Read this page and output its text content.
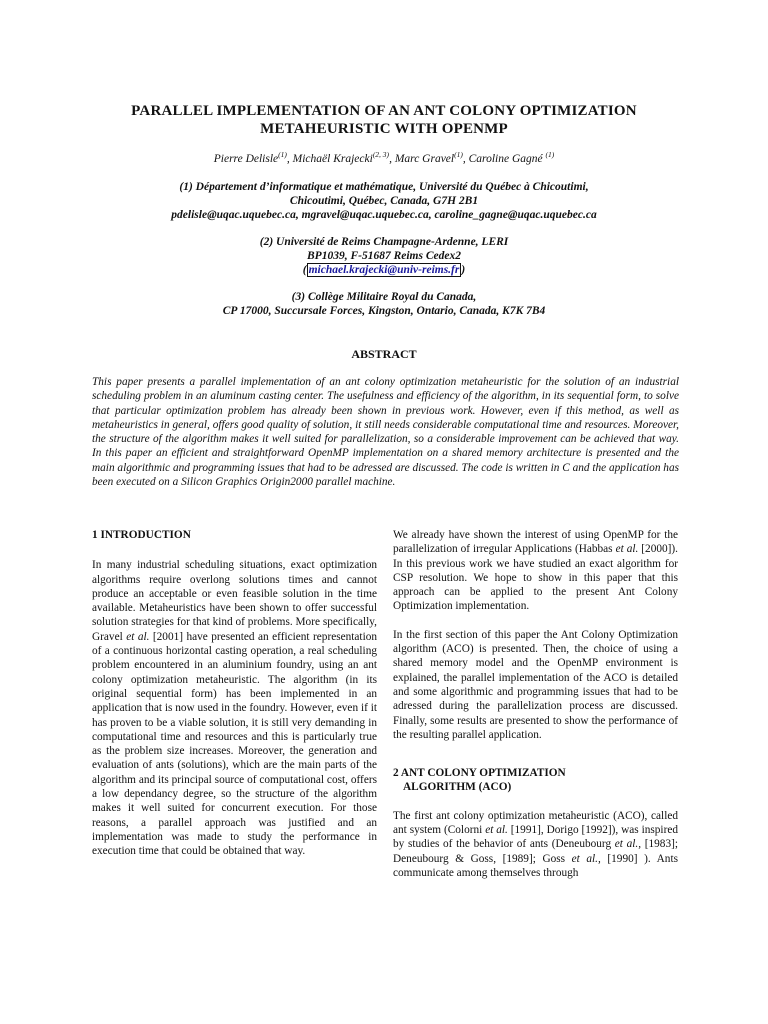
PARALLEL IMPLEMENTATION OF AN ANT COLONY OPTIMIZATION
METAHEURISTIC WITH OPENMP
Pierre Delisle$^{(1)}$, Michaël Krajecki$^{(2, 3)}$, Marc Gravel$^{(1)}$, Caroline Gagné $^{(1)}$
(1) Département d’informatique et mathématique, Université du Québec à Chicoutimi,
Chicoutimi, Québec, Canada, G7H 2B1
pdelisle@uqac.uquebec.ca, mgravel@uqac.uquebec.ca, caroline_gagne@uqac.uquebec.ca
(2) Université de Reims Champagne-Ardenne, LERI
BP1039, F-51687 Reims Cedex2
( michael.krajecki@univ-reims.fr )
(3) Collège Militaire Royal du Canada,
CP 17000, Succursale Forces, Kingston, Ontario, Canada, K7K 7B4
ABSTRACT
This paper presents a parallel implementation of an ant colony optimization metaheuristic for the solution of an industrial scheduling problem in an aluminum casting center. The usefulness and efficiency of the algorithm, in its sequential form, to solve that particular optimization problem has already been shown in previous work. However, even if this method, as well as metaheuristics in general, offers good quality of solution, it still needs considerable computational time and resources. Moreover, the structure of the algorithm makes it well suited for parallelization, so a considerable improvement can be achieved that way. In this paper an efficient and straightforward OpenMP implementation on a shared memory architecture is presented and the main algorithmic and programming issues that had to be adressed are discussed. The code is written in C and the application has been executed on a Silicon Graphics Origin2000 parallel machine.
1 INTRODUCTION

In many industrial scheduling situations, exact optimization algorithms require overlong solutions times and cannot produce an acceptable or even feasible solution in the time available. Metaheuristics have been shown to offer successful solution strategies for that kind of problems. More specifically, Gravel et al. [2001] have presented an efficient representation of a continuous horizontal casting operation, a real scheduling problem encountered in an aluminium foundry, using an ant colony optimization metaheuristic. The algorithm (in its original sequential form) has been implemented in an application that is now used in the foundry. However, even if it has proven to be a viable solution, it is still very demanding in computational time and resources and this is particularly true as the problem size increases. Moreover, the generation and evaluation of ants (solutions), which are the main parts of the algorithm and its principal source of computational cost, offers a low dependancy degree, so the structure of the algorithm makes it well suited for concurrent execution. For those reasons, a parallel approach was justified and an implementation was made to study the performance in execution time that could be obtained that way.

We already have shown the interest of using OpenMP for the parallelization of irregular Applications (Habbas et al. [2000]). In this previous work we have studied an exact algorithm for CSP resolution. We hope to show in this paper that this approach can be applied to the present Ant Colony Optimization implementation.

In the first section of this paper the Ant Colony Optimization algorithm (ACO) is presented. Then, the choice of using a shared memory model and the OpenMP environment is explained, the parallel implementation of the ACO is detailed and some algorithmic and programming issues that had to be adressed during the parallelization process are discussed. Finally, some results are presented to show the performance of the resulting parallel application.

2 ANT COLONY OPTIMIZATION
ALGORITHM (ACO)

The first ant colony optimization metaheuristic (ACO), called ant system (Colorni et al. [1991], Dorigo [1992]), was inspired by studies of the behavior of ants (Deneubourg et al., [1983]; Deneubourg & Goss, [1989]; Goss et al., [1990] ). Ants communicate among themselves through
